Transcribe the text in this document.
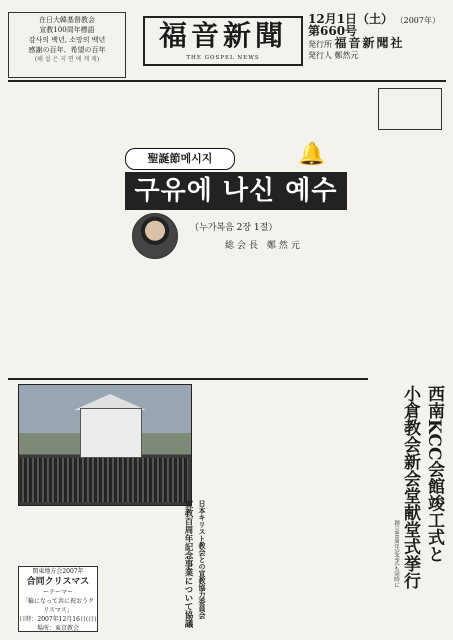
在日大韓基督教会
宣教100周年標語
감사의 백년, 소망의 백년
感謝の百年、希望の百年
(해 설 은 지 면 에 게 재)
福音新聞
THE GOSPEL NEWS
12月1日（土） （2007年） 第660号
発行所 福音新聞社
発行人 鄭然元
聖誕節메시지	🔔
구유에 나신 예수
（누가복음 2장 1절）
総会長 鄭然元
西南KCC会館竣工式と
小倉教会新会堂献堂式挙行
創立80周年記念式も同時に
日本キリスト教会との宣教協力委員会
宣教百周年記念事業について協議
関東地方会2007年
合同クリスマス
ーテーマー
「輪になって共に祝おうクリスマス」
日時：2007年12月16日(日)
場所：東京教会
